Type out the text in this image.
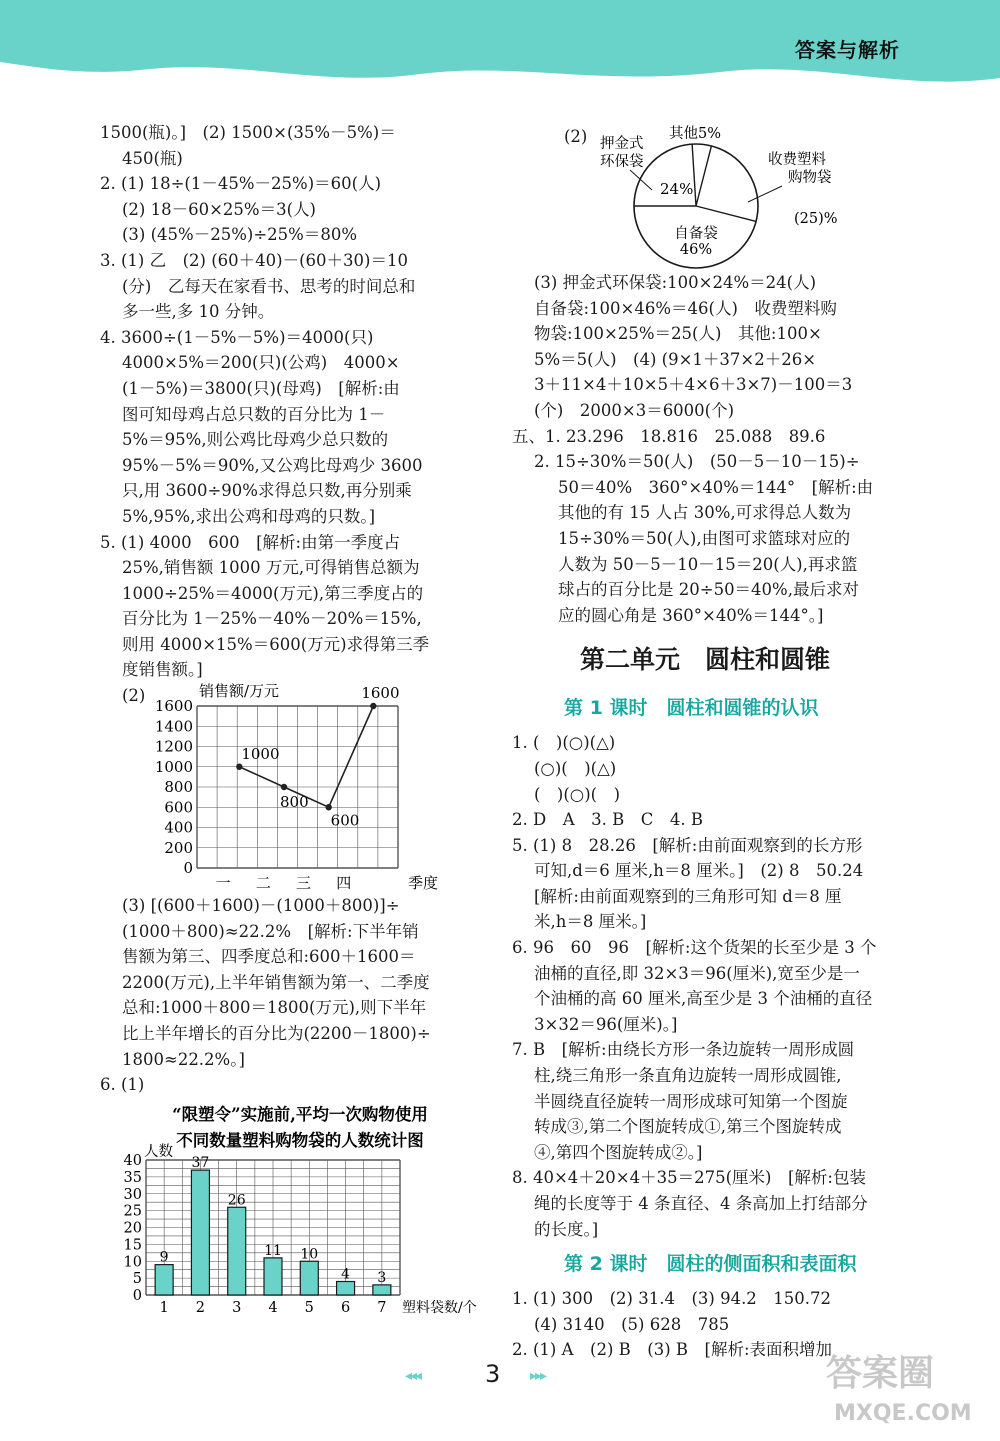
答案与解析
1500(瓶)。]　(2) 1500×(35%－5%)＝
450(瓶)
2. (1) 18÷(1－45%－25%)＝60(人)
(2) 18－60×25%＝3(人)
(3) (45%－25%)÷25%＝80%
3. (1) 乙　(2) (60＋40)－(60＋30)＝10
(分)　乙每天在家看书、思考的时间总和
多一些,多 10 分钟。
4. 3600÷(1－5%－5%)＝4000(只)
4000×5%＝200(只)(公鸡)　4000×
(1－5%)＝3800(只)(母鸡)　[解析:由
图可知母鸡占总只数的百分比为 1－
5%＝95%,则公鸡比母鸡少总只数的
95%－5%＝90%,又公鸡比母鸡少 3600
只,用 3600÷90%求得总只数,再分别乘
5%,95%,求出公鸡和母鸡的只数。]
5. (1) 4000　600　[解析:由第一季度占
25%,销售额 1000 万元,可得销售总额为
1000÷25%＝4000(万元),第三季度占的
百分比为 1－25%－40%－20%＝15%,
则用 4000×15%＝600(万元)求得第三季
度销售额。]
(2)
0
200
400
600
800
1000
1200
1400
1600
销售额/万元
1000
一
800
二
600
三
1600
四	季度
(3) [(600＋1600)－(1000＋800)]÷
(1000＋800)≈22.2%　[解析:下半年销
售额为第三、四季度总和:600＋1600＝
2200(万元),上半年销售额为第一、二季度
总和:1000＋800＝1800(万元),则下半年
比上半年增长的百分比为(2200－1800)÷
1800≈22.2%。]
6. (1)
“限塑令”实施前,平均一次购物使用
不同数量塑料购物袋的人数统计图
0
5
10
15
20
25
30
35
40
人数
9
1
37
2
26
3
11
4
10
5
4
6
3
7 塑料袋数/个
(2)
24%
其他5%
(25)%
46%
自备袋
押金式
环保袋	收费塑料
购物袋
(3) 押金式环保袋:100×24%＝24(人)
自备袋:100×46%＝46(人)　收费塑料购
物袋:100×25%＝25(人)　其他:100×
5%＝5(人)　(4) (9×1＋37×2＋26×
3＋11×4＋10×5＋4×6＋3×7)－100＝3
(个)　2000×3＝6000(个)
五、1. 23.296　18.816　25.088　89.6
2. 15÷30%＝50(人)　(50－5－10－15)÷
50＝40%　360°×40%＝144°　[解析:由
其他的有 15 人占 30%,可求得总人数为
15÷30%＝50(人),由图可求篮球对应的
人数为 50－5－10－15＝20(人),再求篮
球占的百分比是 20÷50＝40%,最后求对
应的圆心角是 360°×40%＝144°。]
第二单元　圆柱和圆锥
第 1 课时　圆柱和圆锥的认识
1. (　)(○)(△)
(○)(　)(△)
(　)(○)(　)
2. D　A　3. B　C　4. B
5. (1) 8　28.26　[解析:由前面观察到的长方形
可知,d＝6 厘米,h＝8 厘米。]　(2) 8　50.24
[解析:由前面观察到的三角形可知 d＝8 厘
米,h＝8 厘米。]
6. 96　60　96　[解析:这个货架的长至少是 3 个
油桶的直径,即 32×3＝96(厘米),宽至少是一
个油桶的高 60 厘米,高至少是 3 个油桶的直径
3×32＝96(厘米)。]
7. B　[解析:由绕长方形一条边旋转一周形成圆
柱,绕三角形一条直角边旋转一周形成圆锥,
半圆绕直径旋转一周形成球可知第一个图旋
转成③,第二个图旋转成①,第三个图旋转成
④,第四个图旋转成②。]
8. 40×4＋20×4＋35＝275(厘米)　[解析:包装
绳的长度等于 4 条直径、4 条高加上打结部分
的长度。]
第 2 课时　圆柱的侧面积和表面积
1. (1) 300　(2) 31.4　(3) 94.2　150.72
(4) 3140　(5) 628　785
2. (1) A　(2) B　(3) B　[解析:表面积增加
◂◂◂	3 ▸▸▸	答案圈
MXQE.COM
